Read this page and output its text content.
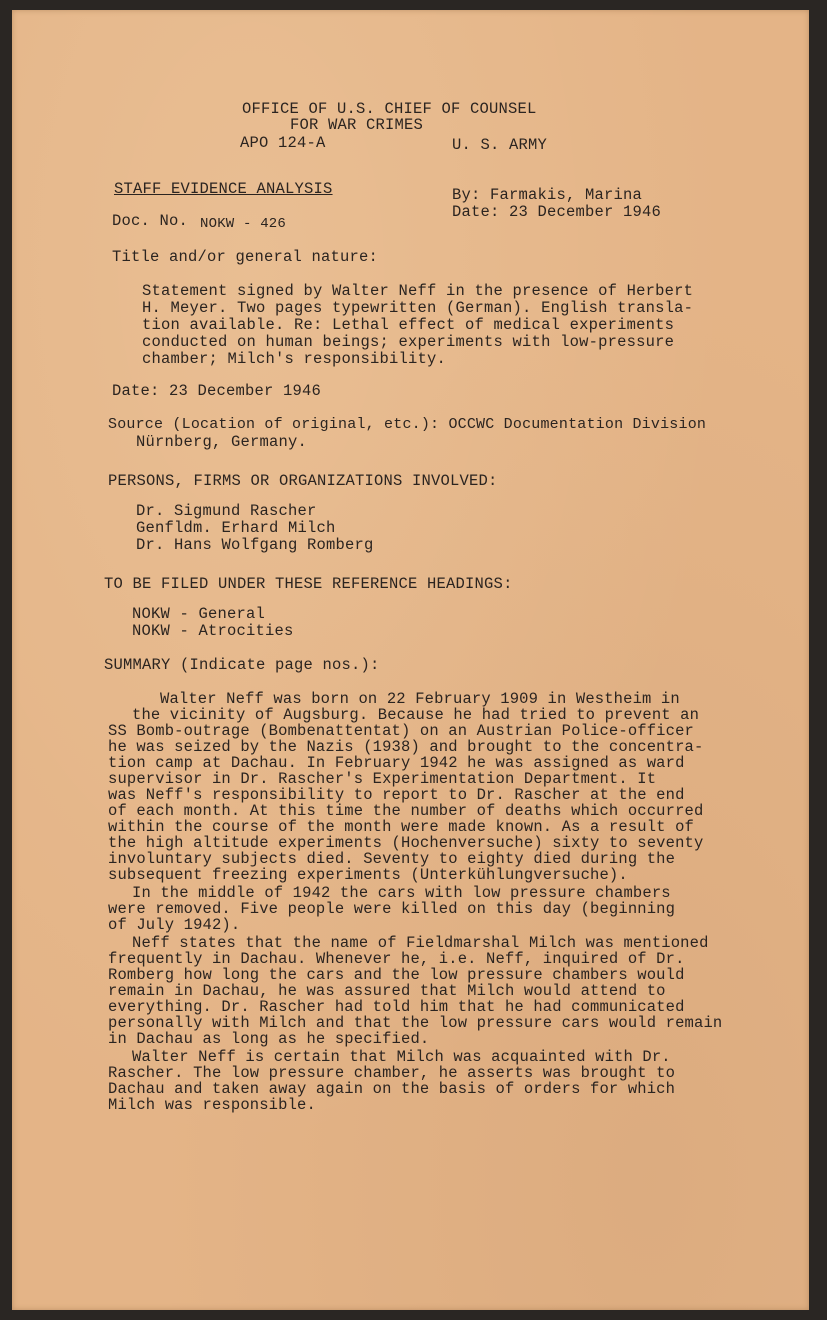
OFFICE OF U.S. CHIEF OF COUNSEL
FOR WAR CRIMES
APO 124-A	U. S. ARMY
STAFF EVIDENCE ANALYSIS	By: Farmakis, Marina
Date: 23 December 1946
Doc. No. NOKW - 426
Title and/or general nature:
Statement signed by Walter Neff in the presence of Herbert
H. Meyer. Two pages typewritten (German). English transla-
tion available. Re: Lethal effect of medical experiments
conducted on human beings; experiments with low-pressure
chamber; Milch's responsibility.
Date: 23 December 1946
Source (Location of original, etc.): OCCWC Documentation Division
Nürnberg, Germany.
PERSONS, FIRMS OR ORGANIZATIONS INVOLVED:
Dr. Sigmund Rascher
Genfldm. Erhard Milch
Dr. Hans Wolfgang Romberg
TO BE FILED UNDER THESE REFERENCE HEADINGS:
NOKW - General
NOKW - Atrocities
SUMMARY (Indicate page nos.):
Walter Neff was born on 22 February 1909 in Westheim in
the vicinity of Augsburg. Because he had tried to prevent an
SS Bomb-outrage (Bombenattentat) on an Austrian Police-officer
he was seized by the Nazis (1938) and brought to the concentra-
tion camp at Dachau. In February 1942 he was assigned as ward
supervisor in Dr. Rascher's Experimentation Department. It
was Neff's responsibility to report to Dr. Rascher at the end
of each month. At this time the number of deaths which occurred
within the course of the month were made known. As a result of
the high altitude experiments (Hochenversuche) sixty to seventy
involuntary subjects died. Seventy to eighty died during the
subsequent freezing experiments (Unterkühlungversuche).
In the middle of 1942 the cars with low pressure chambers
were removed. Five people were killed on this day (beginning
of July 1942).
Neff states that the name of Fieldmarshal Milch was mentioned
frequently in Dachau. Whenever he, i.e. Neff, inquired of Dr.
Romberg how long the cars and the low pressure chambers would
remain in Dachau, he was assured that Milch would attend to
everything. Dr. Rascher had told him that he had communicated
personally with Milch and that the low pressure cars would remain
in Dachau as long as he specified.
Walter Neff is certain that Milch was acquainted with Dr.
Rascher. The low pressure chamber, he asserts was brought to
Dachau and taken away again on the basis of orders for which
Milch was responsible.
